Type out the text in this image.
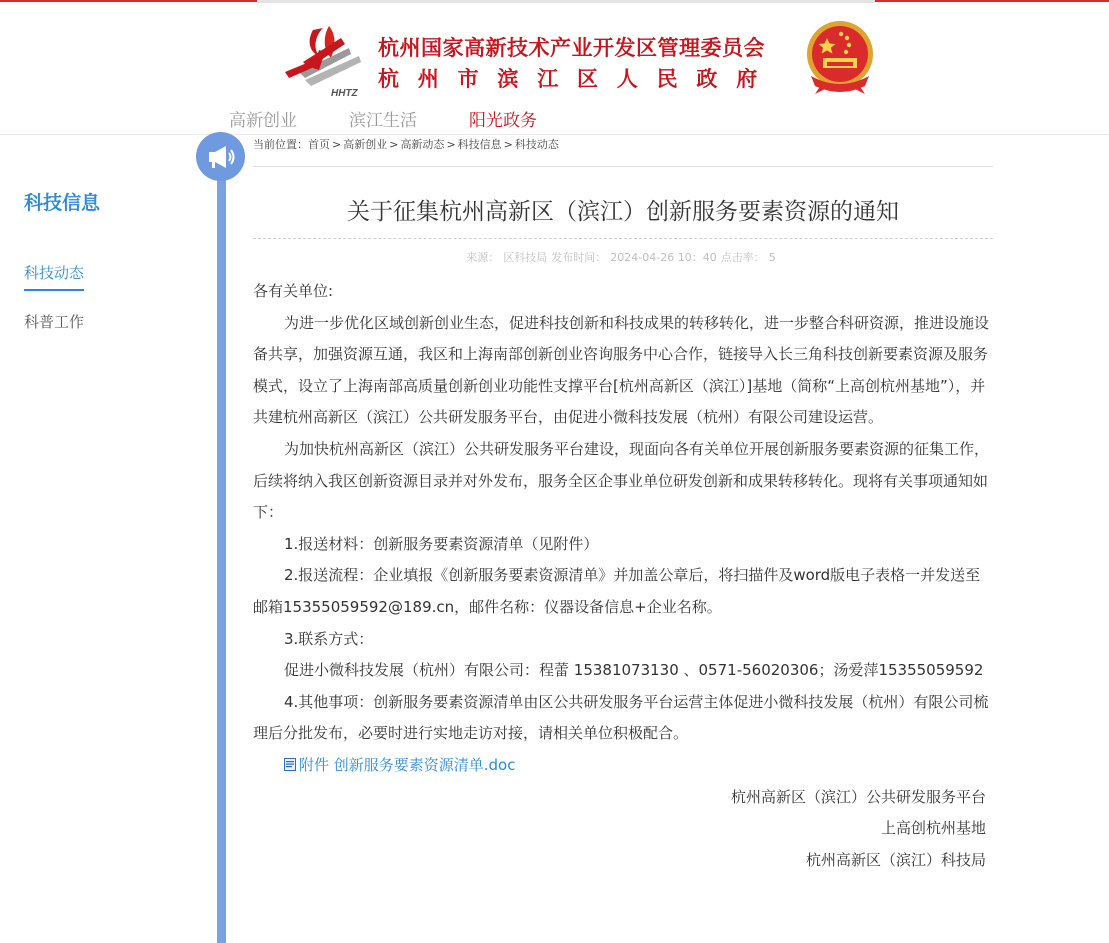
HHTZ
杭州国家高新技术产业开发区管理委员会
杭州市滨江区人民政府
高新创业	滨江生活	阳光政务
科技信息
科技动态
科普工作
当前位置：首页 > 高新创业 > 高新动态 > 科技信息 > 科技动态
关于征集杭州高新区（滨江）创新服务要素资源的通知
来源： 区科技局 发布时间： 2024-04-26 10：40 点击率： 5

各有关单位:

为进一步优化区域创新创业生态，促进科技创新和科技成果的转移转化，进一步整合科研资源，推进设施设备共享，加强资源互通，我区和上海南部创新创业咨询服务中心合作，链接导入长三角科技创新要素资源及服务模式，设立了上海南部高质量创新创业功能性支撑平台[杭州高新区（滨江）]基地（简称“上高创杭州基地”），并共建杭州高新区（滨江）公共研发服务平台，由促进小微科技发展（杭州）有限公司建设运营。

为加快杭州高新区（滨江）公共研发服务平台建设，现面向各有关单位开展创新服务要素资源的征集工作，后续将纳入我区创新资源目录并对外发布，服务全区企事业单位研发创新和成果转移转化。现将有关事项通知如下：

1.报送材料：创新服务要素资源清单（见附件）

2.报送流程：企业填报《创新服务要素资源清单》并加盖公章后，将扫描件及word版电子表格一并发送至邮箱15355059592@189.cn，邮件名称：仪器设备信息+企业名称。

3.联系方式：

促进小微科技发展（杭州）有限公司：程蕾 15381073130 、0571-56020306；汤爱萍15355059592

4.其他事项：创新服务要素资源清单由区公共研发服务平台运营主体促进小微科技发展（杭州）有限公司梳理后分批发布，必要时进行实地走访对接，请相关单位积极配合。

附件 创新服务要素资源清单.doc

杭州高新区（滨江）公共研发服务平台

上高创杭州基地

杭州高新区（滨江）科技局
